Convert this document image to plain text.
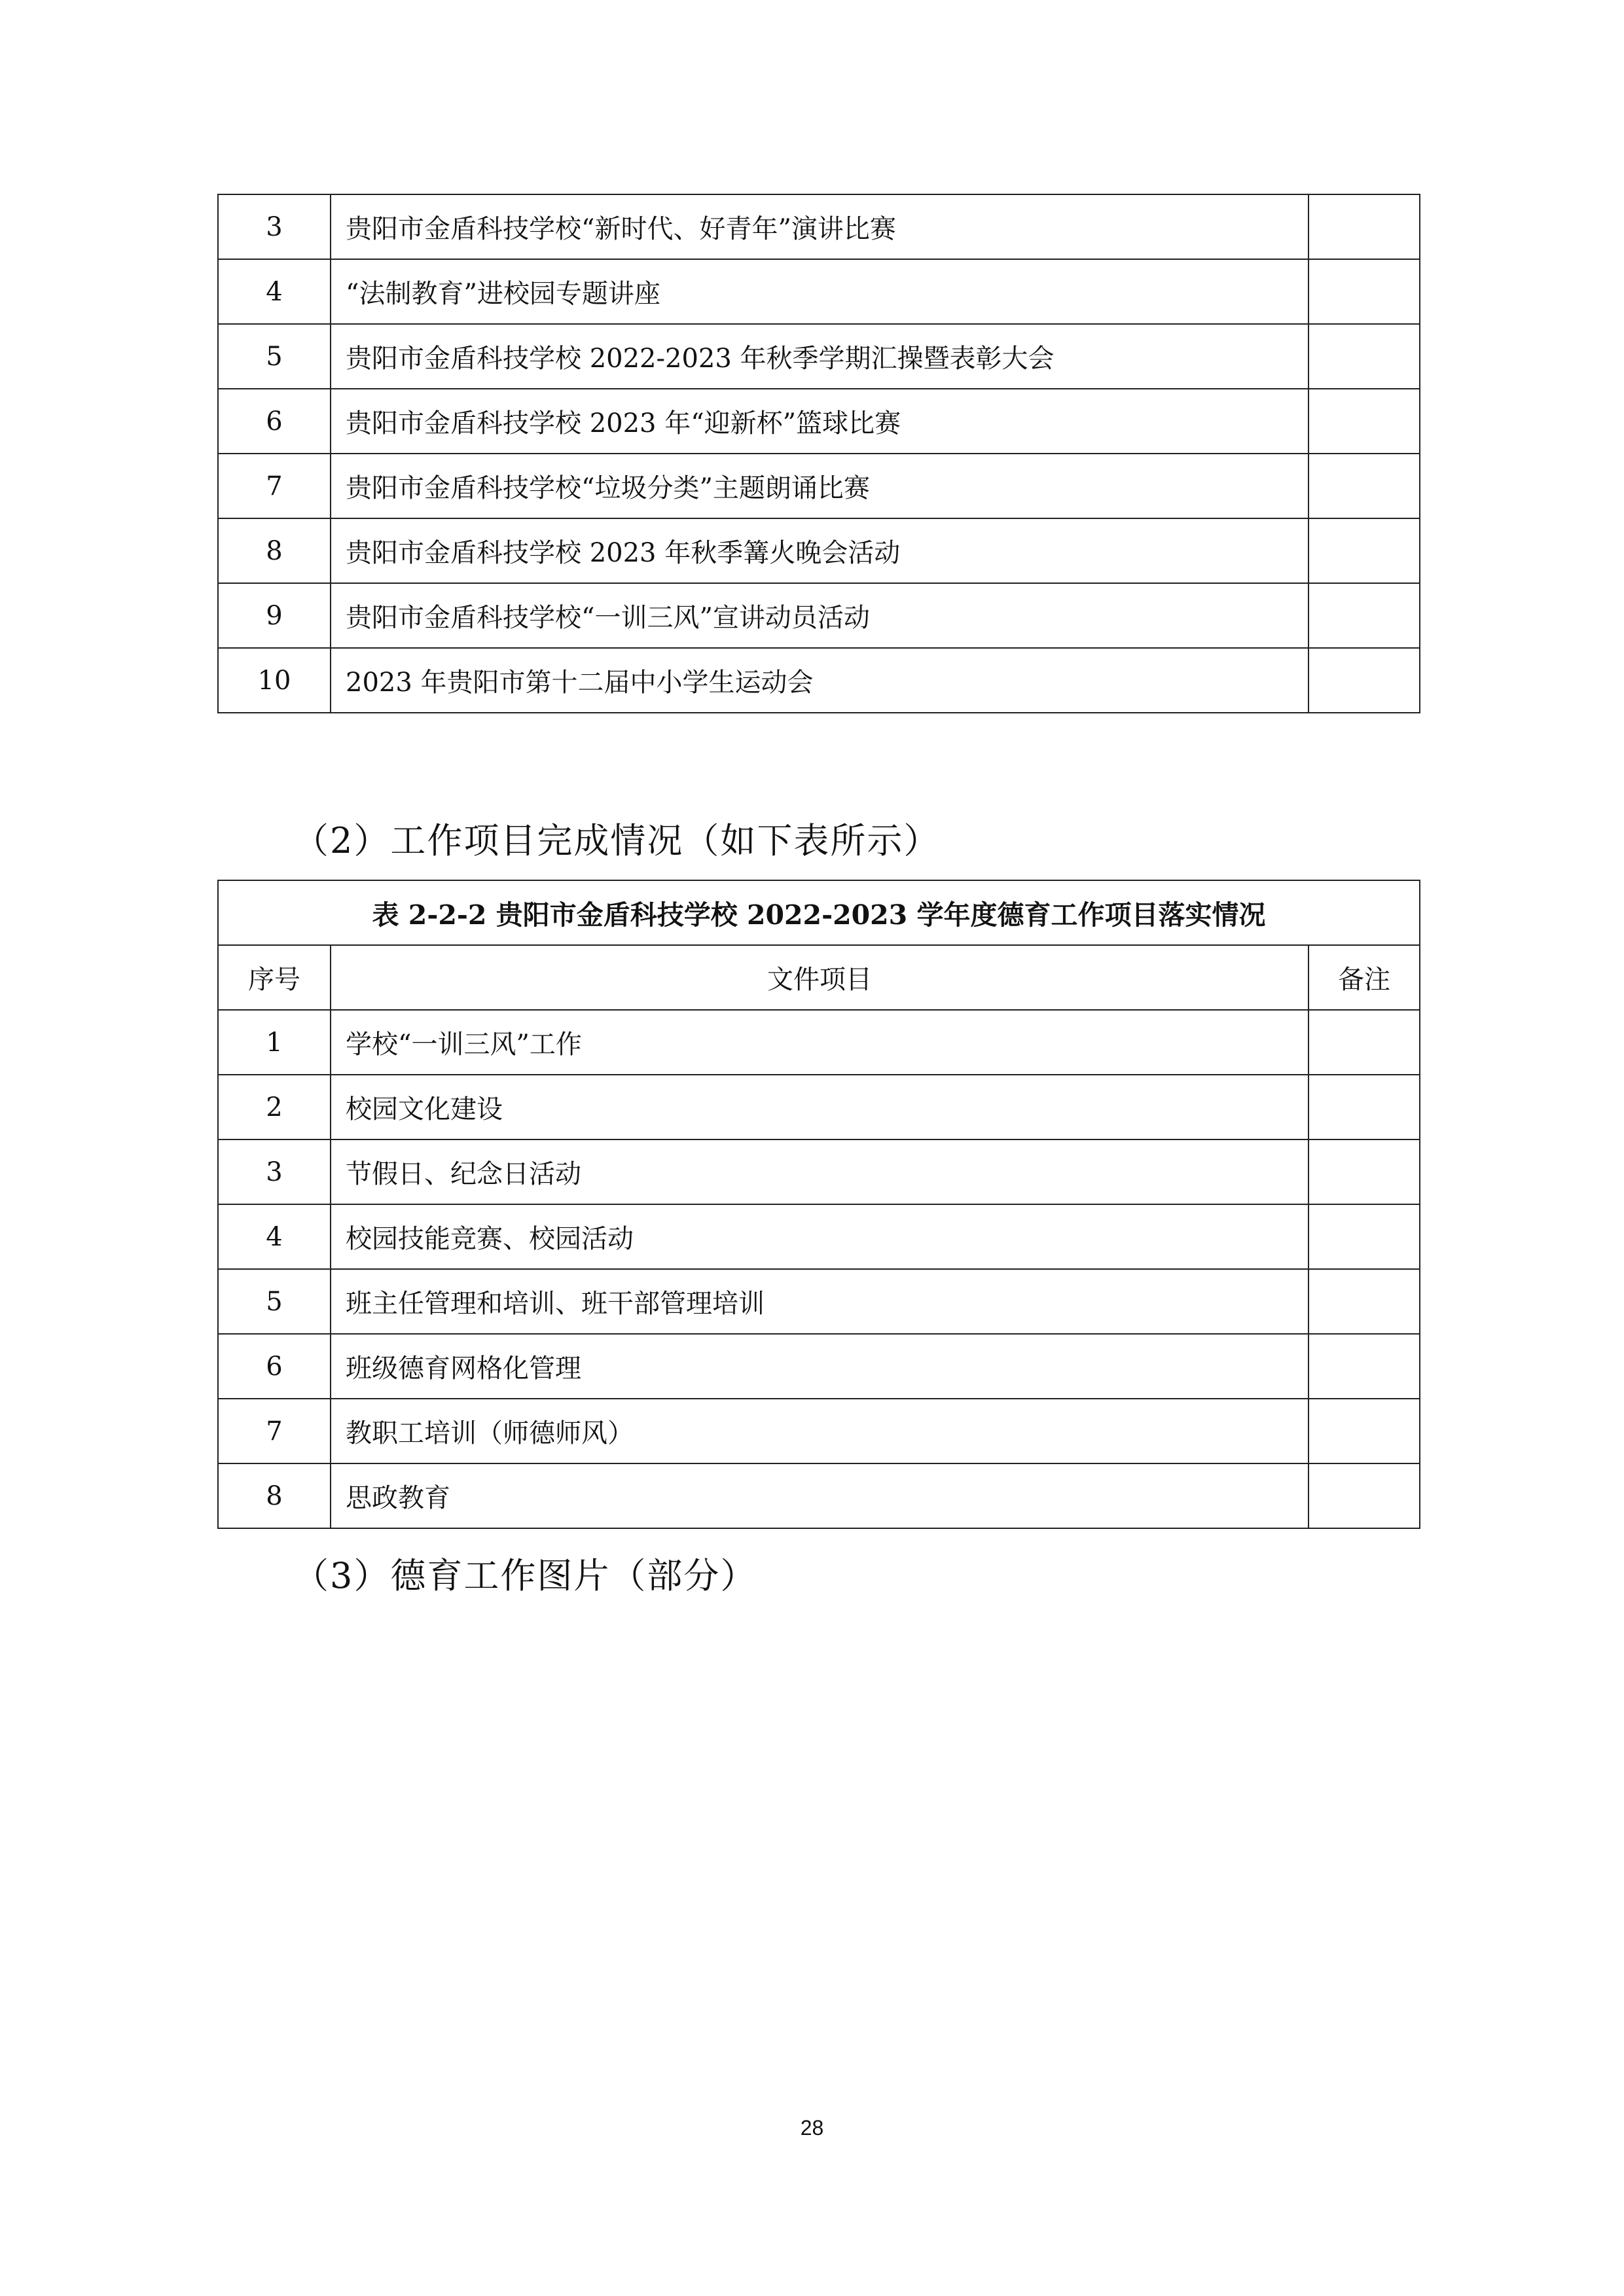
3	贵阳市金盾科技学校“新时代、好青年”演讲比赛	
4	“法制教育”进校园专题讲座	
5	贵阳市金盾科技学校 2022-2023 年秋季学期汇操暨表彰大会	
6	贵阳市金盾科技学校 2023 年“迎新杯”篮球比赛	
7	贵阳市金盾科技学校“垃圾分类”主题朗诵比赛	
8	贵阳市金盾科技学校 2023 年秋季篝火晚会活动	
9	贵阳市金盾科技学校“一训三风”宣讲动员活动	
10	2023 年贵阳市第十二届中小学生运动会	
（2）工作项目完成情况（如下表所示）
表 2-2-2 贵阳市金盾科技学校 2022-2023 学年度德育工作项目落实情况		
序号	文件项目	备注
1	学校“一训三风”工作	
2	校园文化建设	
3	节假日、纪念日活动	
4	校园技能竞赛、校园活动	
5	班主任管理和培训、班干部管理培训	
6	班级德育网格化管理	
7	教职工培训（师德师风）	
8	思政教育	
（3）德育工作图片（部分）
28
